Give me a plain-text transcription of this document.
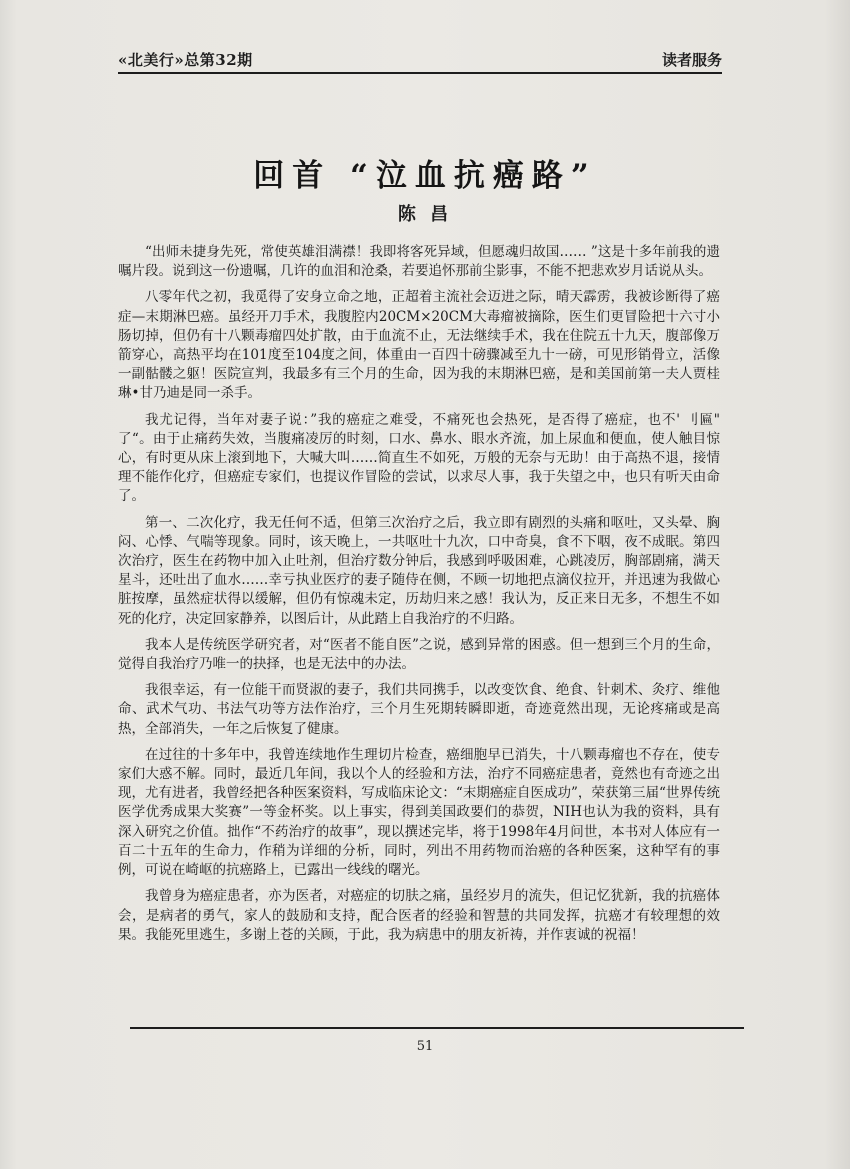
«北美行»总第32期	读者服务
回首 “泣血抗癌路”
陈 昌

“出师未捷身先死，常使英雄泪满襟！我即将客死异域，但愿魂归故国…… ”这是十多年前我的遗嘱片段。说到这一份遗嘱，几许的血泪和沧桑，若要追怀那前尘影事，不能不把悲欢岁月话说从头。

八零年代之初，我觅得了安身立命之地，正超着主流社会迈进之际，晴天霹雳，我被诊断得了癌症—末期淋巴癌。虽经开刀手术，我腹腔内20CM×20CM大毒瘤被摘除，医生们更冒险把十六寸小肠切掉，但仍有十八颗毒瘤四处扩散，由于血流不止，无法继续手术，我在住院五十九天，腹部像万箭穿心，高热平均在101度至104度之间，体重由一百四十磅骤减至九十一磅，可见形销骨立，活像一副骷髅之躯！医院宣判，我最多有三个月的生命，因为我的末期淋巴癌，是和美国前第一夫人贾桂琳•甘乃迪是同一杀手。

我尤记得，当年对妻子说：”我的癌症之难受，不痛死也会热死，是否得了癌症，也不' 刂匾" 了“。由于止痛药失效，当腹痛凌厉的时刻，口水、鼻水、眼水齐流，加上尿血和便血，使人触目惊心，有时更从床上滚到地下，大喊大叫……简直生不如死，万般的无奈与无助！由于高热不退，接情理不能作化疗，但癌症专家们，也提议作冒险的尝试，以求尽人事，我于失望之中，也只有听天由命了。

第一、二次化疗，我无任何不适，但第三次治疗之后，我立即有剧烈的头痛和呕吐，又头晕、胸闷、心悸、气喘等现象。同时，该天晚上，一共呕吐十九次，口中奇臭，食不下咽，夜不成眠。第四次治疗，医生在药物中加入止吐剂，但治疗数分钟后，我感到呼吸困难，心跳凌厉，胸部剧痛，满天星斗，还吐出了血水……幸亏执业医疗的妻子随侍在侧，不顾一切地把点滴仪拉开，并迅速为我做心脏按摩，虽然症状得以缓解，但仍有惊魂未定，历劫归来之感！我认为，反正来日无多，不想生不如死的化疗，决定回家静养，以图后计，从此踏上自我治疗的不归路。

我本人是传统医学研究者，对“医者不能自医”之说，感到异常的困惑。但一想到三个月的生命，觉得自我治疗乃唯一的抉择，也是无法中的办法。

我很幸运，有一位能干而贤淑的妻子，我们共同携手，以改变饮食、绝食、针刺术、灸疗、维他命、武术气功、书法气功等方法作治疗，三个月生死期转瞬即逝，奇迹竟然出现，无论疼痛或是高热，全部消失，一年之后恢复了健康。

在过往的十多年中，我曾连续地作生理切片检查，癌细胞早已消失，十八颗毒瘤也不存在，使专家们大惑不解。同时，最近几年间，我以个人的经验和方法，治疗不同癌症患者，竟然也有奇迹之出现，尤有进者，我曾经把各种医案资料，写成临床论文：“末期癌症自医成功”，荣获第三届“世界传统医学优秀成果大奖赛”一等金杯奖。以上事实，得到美国政要们的恭贺，NIH也认为我的资料，具有深入研究之价值。拙作“不药治疗的故事”，现以撰述完毕，将于1998年4月问世，本书对人体应有一百二十五年的生命力，作稍为详细的分析，同时，列出不用药物而治癌的各种医案，这种罕有的事例，可说在崎岖的抗癌路上，已露出一线线的曙光。

我曾身为癌症患者，亦为医者，对癌症的切肤之痛，虽经岁月的流失，但记忆犹新，我的抗癌体会，是病者的勇气，家人的鼓励和支持，配合医者的经验和智慧的共同发挥，抗癌才有较理想的效果。我能死里逃生，多谢上苍的关顾，于此，我为病患中的朋友祈祷，并作衷诚的祝福！

51
